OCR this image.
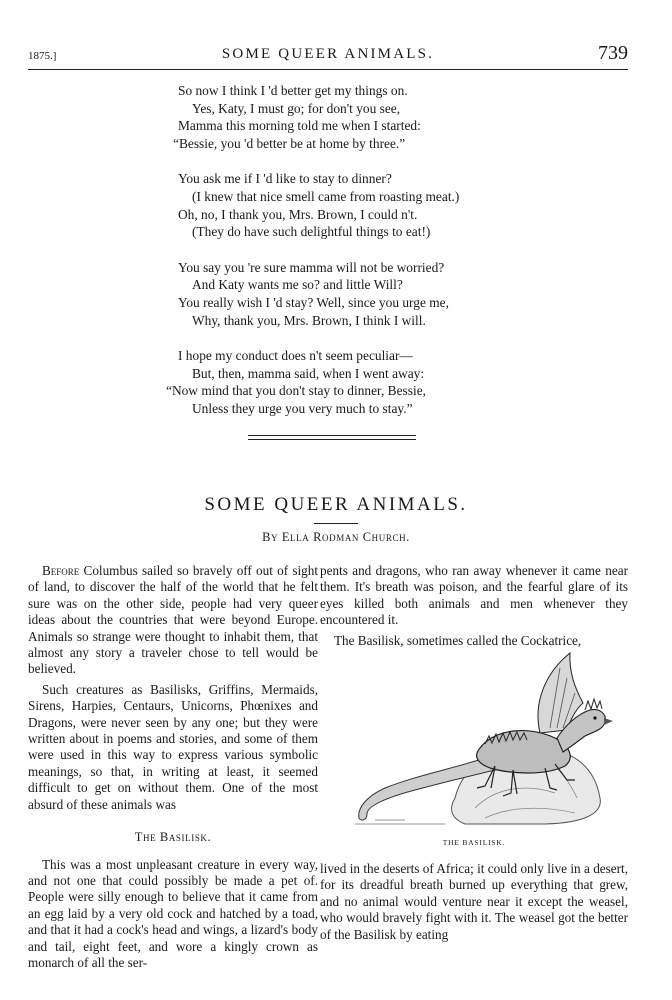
1875.]	SOME QUEER ANIMALS.	739
So now I think I 'd better get my things on.
Yes, Katy, I must go; for don't you see,
Mamma this morning told me when I started:
“Bessie, you 'd better be at home by three.”
You ask me if I 'd like to stay to dinner?
(I knew that nice smell came from roasting meat.)
Oh, no, I thank you, Mrs. Brown, I could n't.
(They do have such delightful things to eat!)
You say you 're sure mamma will not be worried?
And Katy wants me so? and little Will?
You really wish I 'd stay? Well, since you urge me,
Why, thank you, Mrs. Brown, I think I will.
I hope my conduct does n't seem peculiar—
But, then, mamma said, when I went away:
“Now mind that you don't stay to dinner, Bessie,
Unless they urge you very much to stay.”
SOME QUEER ANIMALS.
By Ella Rodman Church.

Before Columbus sailed so bravely off out of sight of land, to discover the half of the world that he felt sure was on the other side, people had very queer ideas about the countries that were beyond Europe. Animals so strange were thought to inhabit them, that almost any story a traveler chose to tell would be believed.

Such creatures as Basilisks, Griffins, Mermaids, Sirens, Harpies, Centaurs, Unicorns, Phœnixes and Dragons, were never seen by any one; but they were written about in poems and stories, and some of them were used in this way to express various symbolic meanings, so that, in writing at least, it seemed difficult to get on without them. One of the most absurd of these animals was

The Basilisk.

This was a most unpleasant creature in every way, and not one that could possibly be made a pet of. People were silly enough to believe that it came from an egg laid by a very old cock and hatched by a toad, and that it had a cock's head and wings, a lizard's body and tail, eight feet, and wore a kingly crown as monarch of all the ser-

pents and dragons, who ran away whenever it came near them. It's breath was poison, and the fearful glare of its eyes killed both animals and men whenever they encountered it.

The Basilisk, sometimes called the Cockatrice,

THE BASILISK.

lived in the deserts of Africa; it could only live in a desert, for its dreadful breath burned up everything that grew, and no animal would venture near it except the weasel, who would bravely fight with it. The weasel got the better of the Basilisk by eating
